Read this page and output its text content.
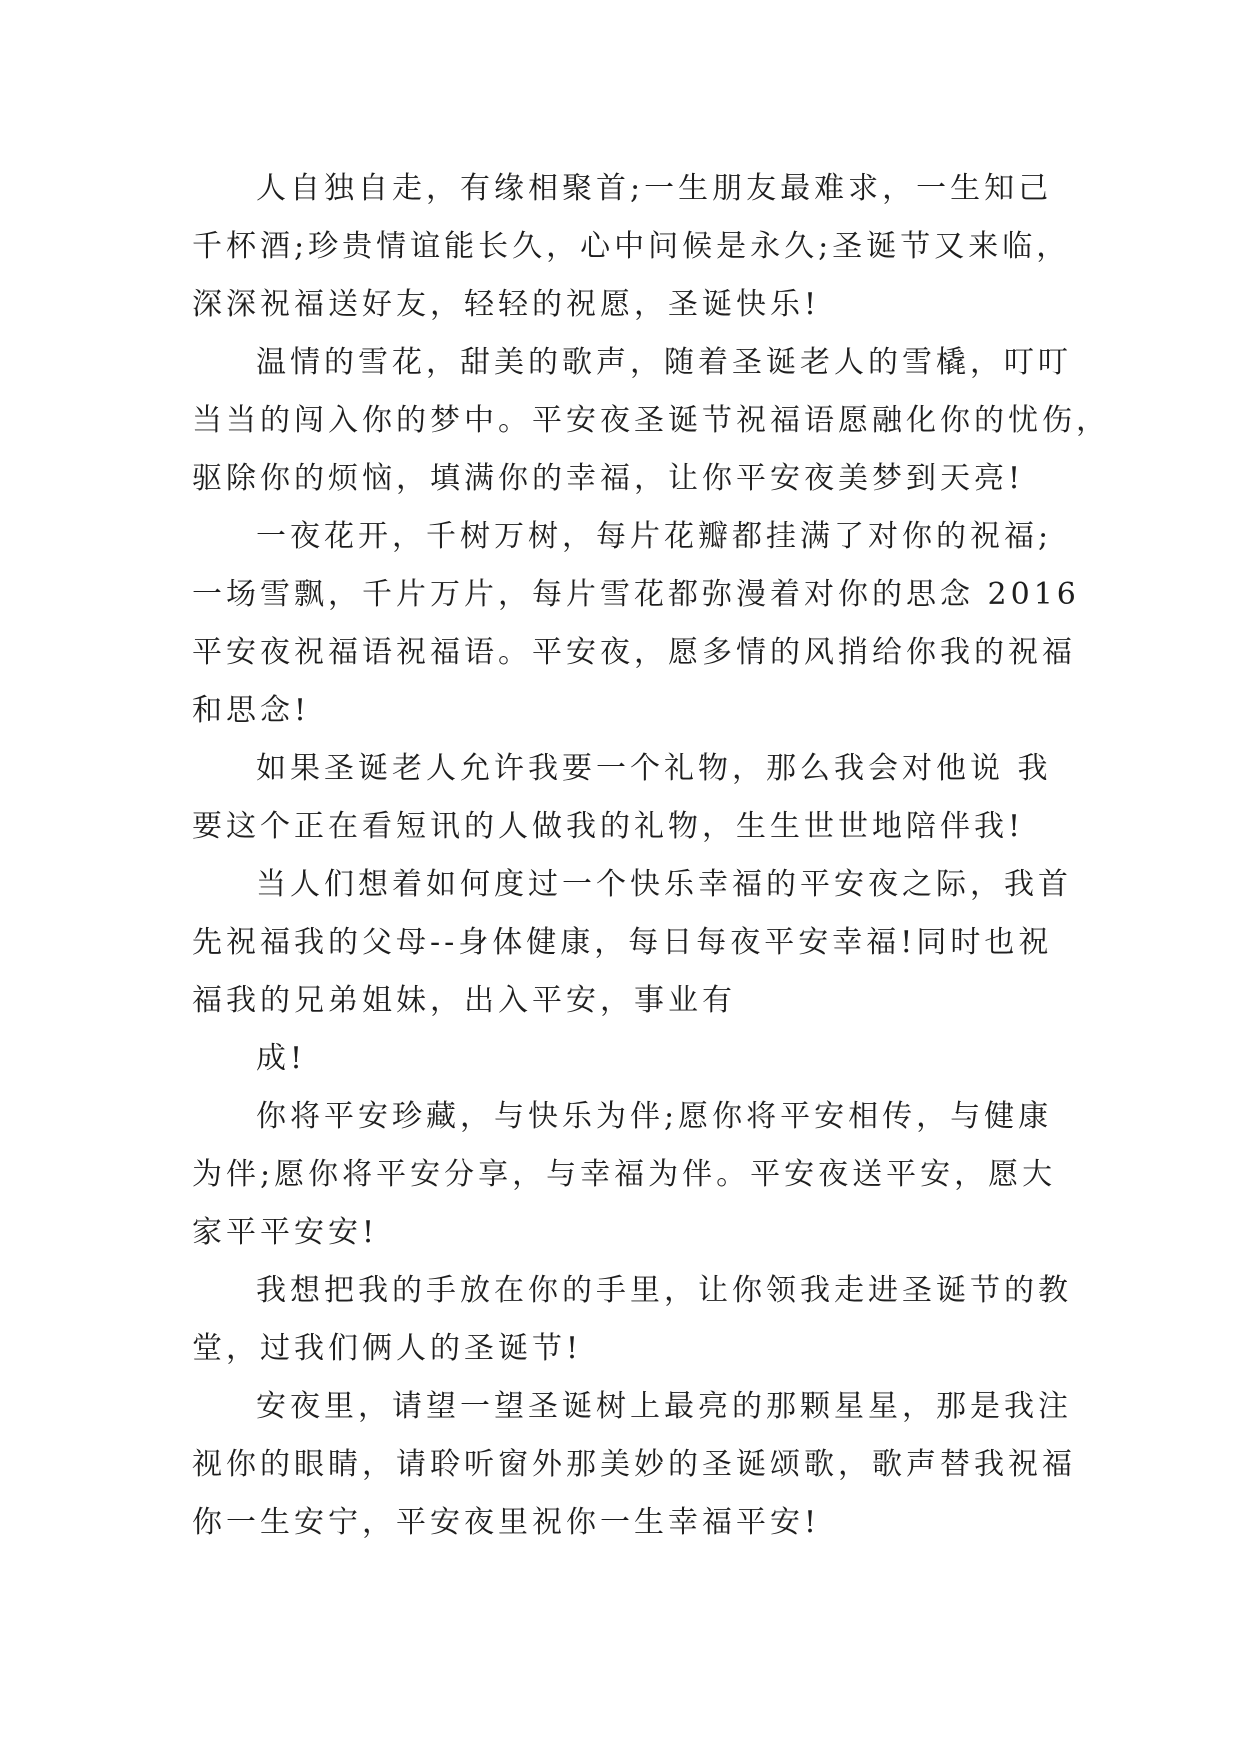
人自独自走，有缘相聚首;一生朋友最难求，一生知己
千杯酒;珍贵情谊能长久，心中问候是永久;圣诞节又来临，
深深祝福送好友，轻轻的祝愿，圣诞快乐!
温情的雪花，甜美的歌声，随着圣诞老人的雪橇，叮叮
当当的闯入你的梦中。平安夜圣诞节祝福语愿融化你的忧伤，
驱除你的烦恼，填满你的幸福，让你平安夜美梦到天亮!
一夜花开，千树万树，每片花瓣都挂满了对你的祝福;
一场雪飘，千片万片，每片雪花都弥漫着对你的思念 2016
平安夜祝福语祝福语。平安夜，愿多情的风捎给你我的祝福
和思念!
如果圣诞老人允许我要一个礼物，那么我会对他说 我
要这个正在看短讯的人做我的礼物，生生世世地陪伴我!
当人们想着如何度过一个快乐幸福的平安夜之际，我首
先祝福我的父母--身体健康，每日每夜平安幸福!同时也祝
福我的兄弟姐妹，出入平安，事业有
成!
你将平安珍藏，与快乐为伴;愿你将平安相传，与健康
为伴;愿你将平安分享，与幸福为伴。平安夜送平安，愿大
家平平安安!
我想把我的手放在你的手里，让你领我走进圣诞节的教
堂，过我们俩人的圣诞节!
安夜里，请望一望圣诞树上最亮的那颗星星，那是我注
视你的眼睛，请聆听窗外那美妙的圣诞颂歌，歌声替我祝福
你一生安宁，平安夜里祝你一生幸福平安!
